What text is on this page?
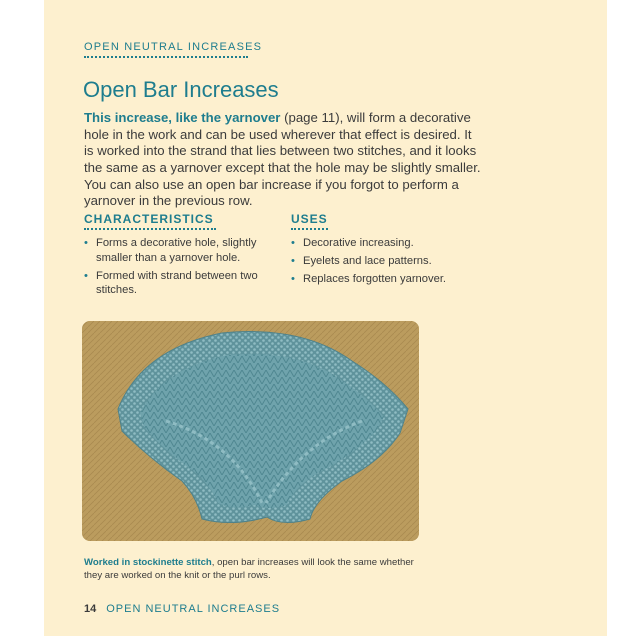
OPEN NEUTRAL INCREASES
Open Bar Increases

This increase, like the yarnover (page 11), will form a decorative hole in the work and can be used wherever that effect is desired. It is worked into the strand that lies between two stitches, and it looks the same as a yarnover except that the hole may be slightly smaller. You can also use an open bar increase if you forgot to perform a yarnover in the previous row.

CHARACTERISTICS
• Forms a decorative hole, slightly smaller than a yarnover hole.
• Formed with strand between two stitches.
USES
• Decorative increasing.
• Eyelets and lace patterns.
• Replaces forgotten yarnover.

Worked in stockinette stitch, open bar increases will look the same whether they are worked on the knit or the purl rows.

14 OPEN NEUTRAL INCREASES
